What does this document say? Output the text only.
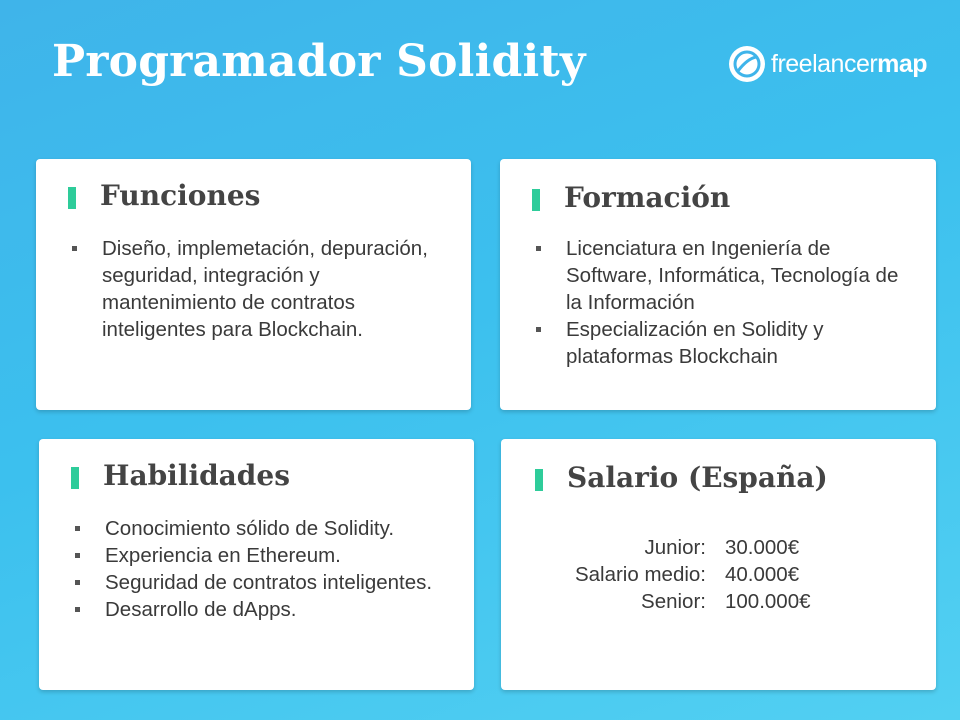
Programador Solidity	freelancermap
Funciones
Diseño, implemetación, depuración, seguridad, integración y mantenimiento de contratos inteligentes para Blockchain.
Formación
Licenciatura en Ingeniería de Software, Informática, Tecnología de la Información
Especialización en Solidity y plataformas Blockchain
Habilidades
Conocimiento sólido de Solidity.
Experiencia en Ethereum.
Seguridad de contratos inteligentes.
Desarrollo de dApps.
Salario (España)
Junior: 30.000€
Salario medio: 40.000€
Senior: 100.000€
